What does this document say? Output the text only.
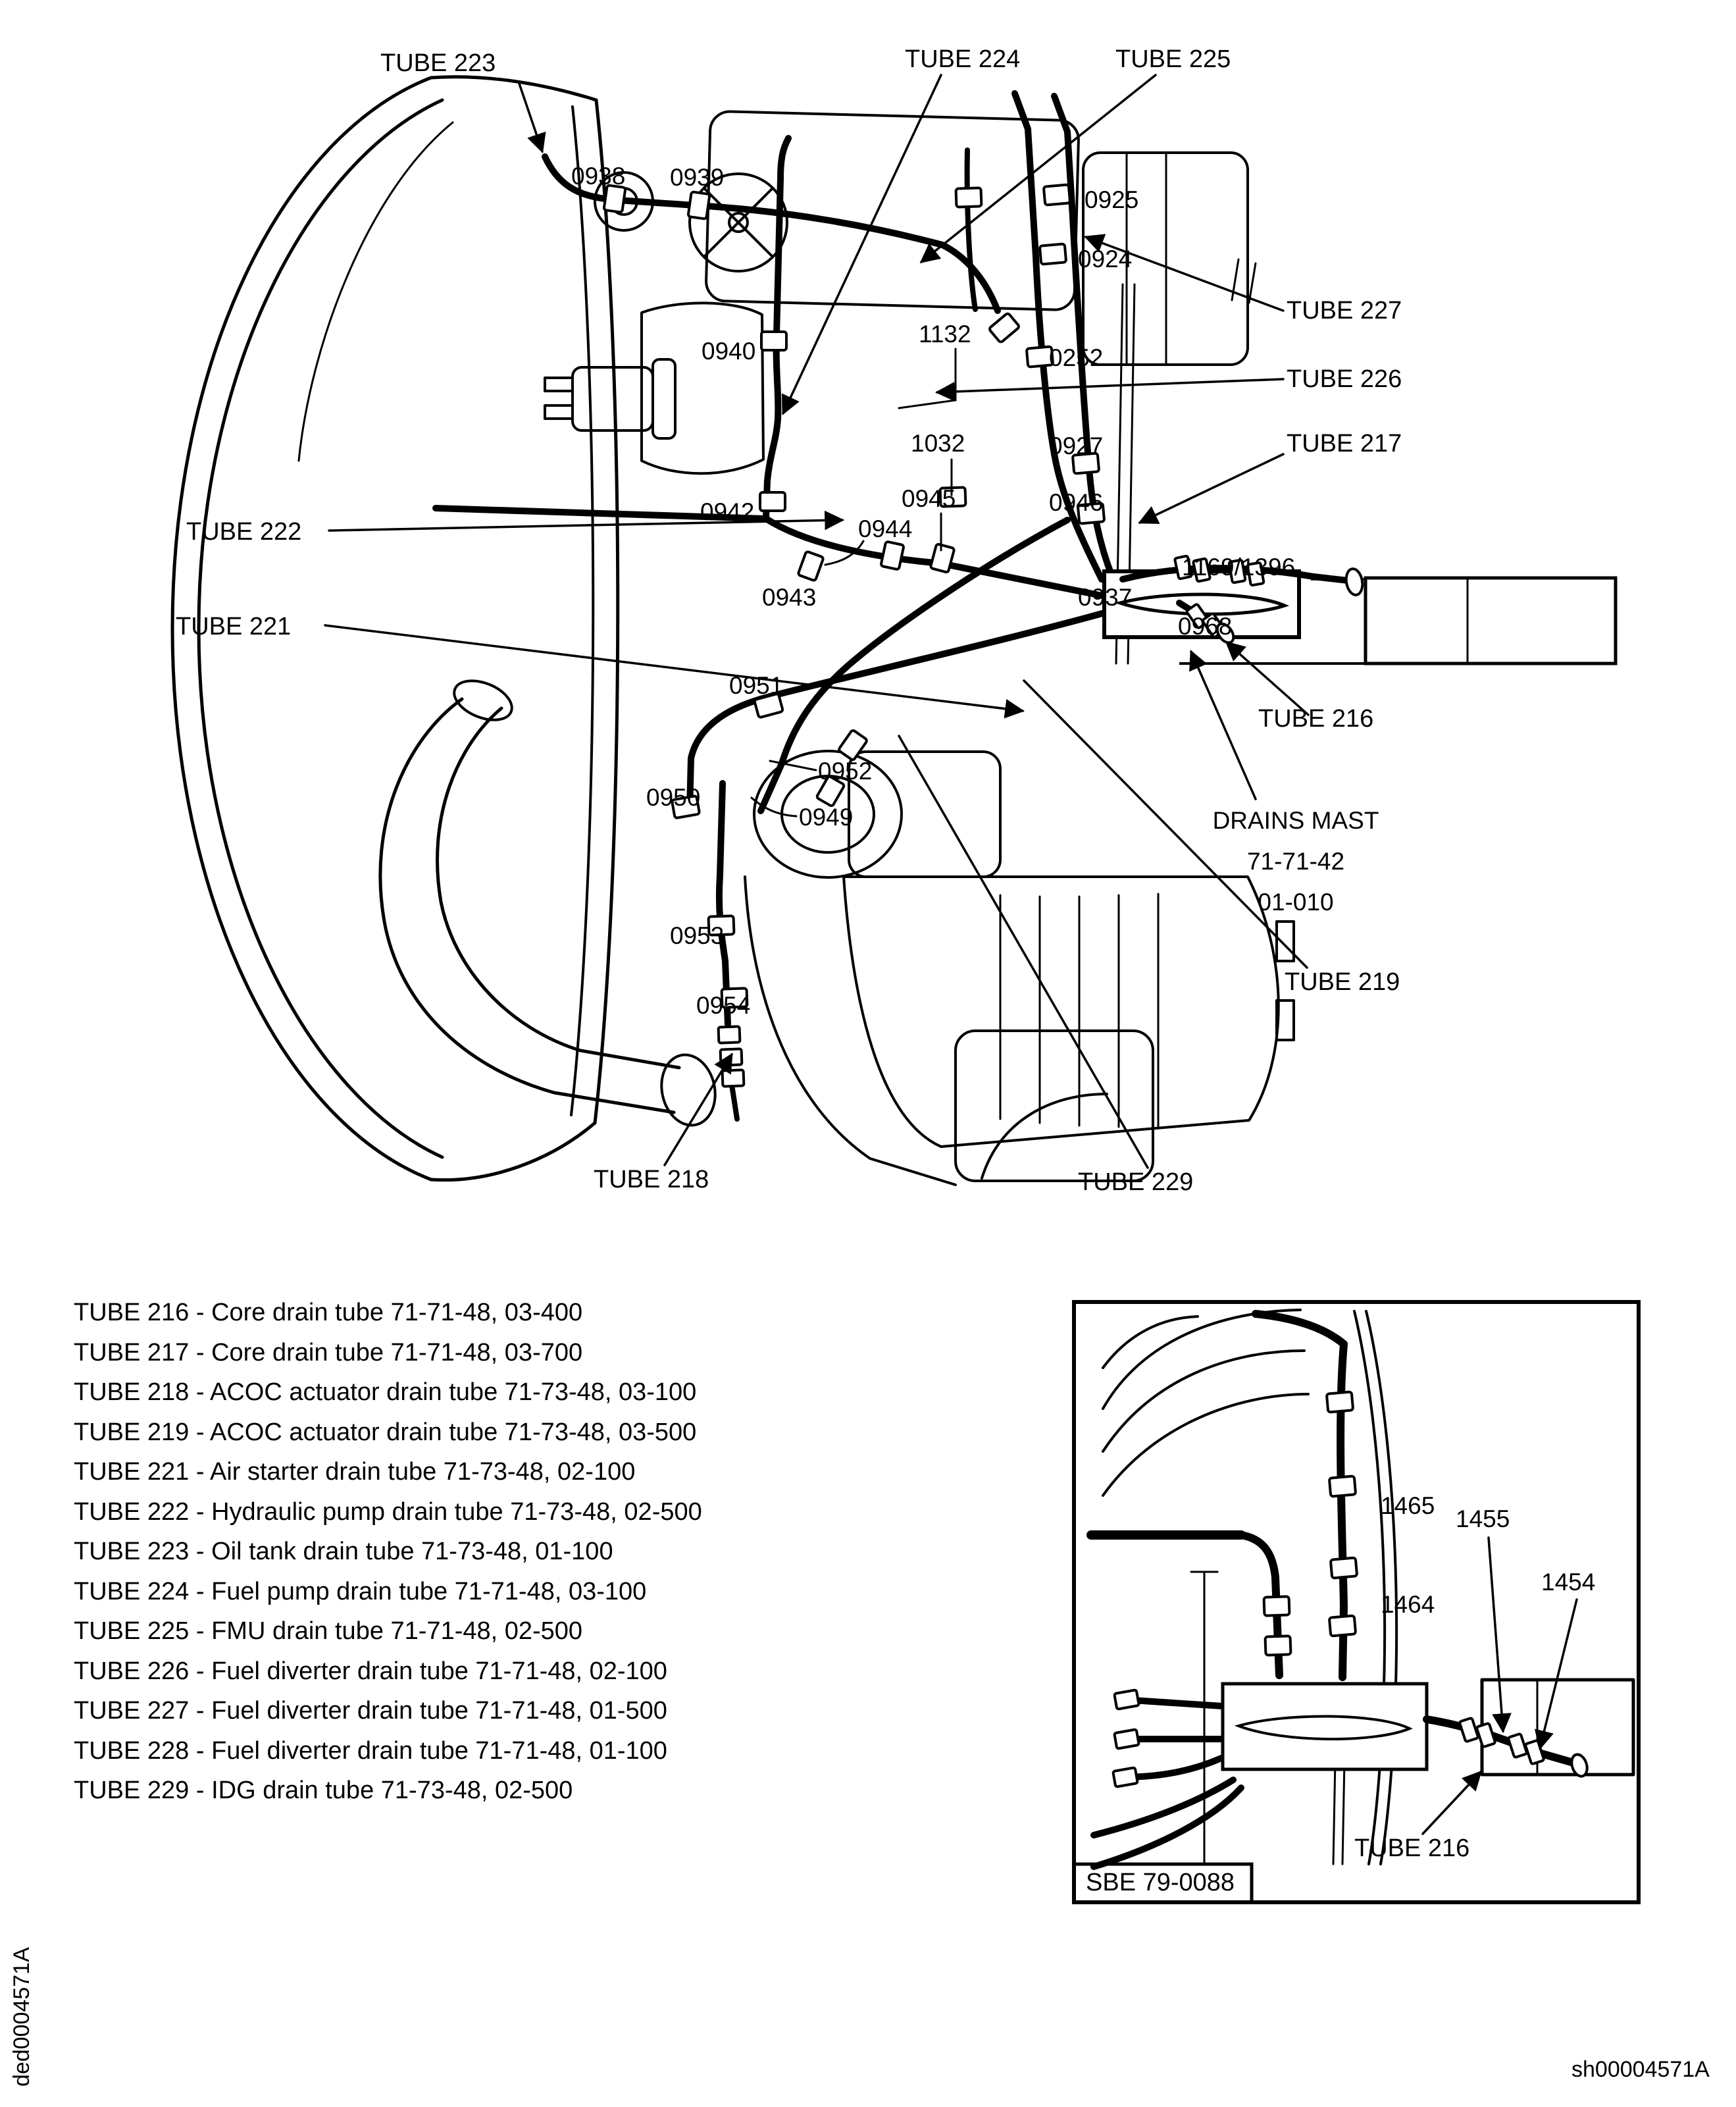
TUBE 223	TUBE 224	TUBE 225
0938 0939
0925
0924
TUBE 227
TUBE 226
TUBE 217
0940
1132
0252
1032	0927
0945	0946
0942
0944
TUBE 222
0943	0937
1169/1396
0968
TUBE 216
TUBE 221
0951
0952
0950
0949	DRAINS MAST
71-71-42
01-010
TUBE 219
0953
0954
TUBE 218	TUBE 229
TUBE 216 - Core drain tube 71-71-48, 03-400
TUBE 217 - Core drain tube 71-71-48, 03-700
TUBE 218 - ACOC actuator drain tube 71-73-48, 03-100
TUBE 219 - ACOC actuator drain tube 71-73-48, 03-500
TUBE 221 - Air starter drain tube 71-73-48, 02-100
TUBE 222 - Hydraulic pump drain tube 71-73-48, 02-500
TUBE 223 - Oil tank drain tube 71-73-48, 01-100
TUBE 224 - Fuel pump drain tube 71-71-48, 03-100
TUBE 225 - FMU drain tube 71-71-48, 02-500
TUBE 226 - Fuel diverter drain tube 71-71-48, 02-100
TUBE 227 - Fuel diverter drain tube 71-71-48, 01-500
TUBE 228 - Fuel diverter drain tube 71-71-48, 01-100
TUBE 229 - IDG drain tube 71-73-48, 02-500
1465
1464
1455
1454
TUBE 216
SBE 79-0088
ded0004571A	sh00004571A
